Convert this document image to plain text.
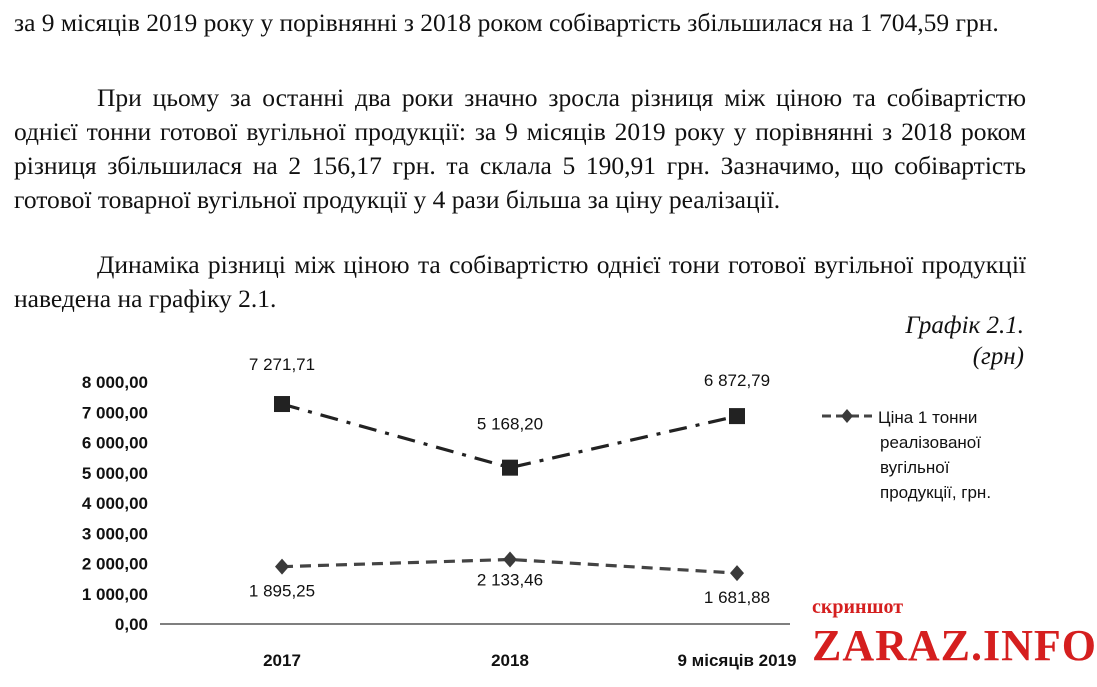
за 9 місяців 2019 року у порівнянні з 2018 роком собівартість збільшилася на 1 704,59 грн.

При цьому за останні два роки значно зросла різниця між ціною та собівартістю однієї тонни готової вугільної продукції: за 9 місяців 2019 року у порівнянні з 2018 роком різниця збільшилася на 2 156,17 грн. та склала 5 190,91 грн. Зазначимо, що собівартість готової товарної вугільної продукції у 4 рази більша за ціну реалізації.

Динаміка різниці між ціною та собівартістю однієї тони готової вугільної продукції наведена на графіку 2.1.

Графік 2.1.
(грн)
8 000,00
7 000,00
6 000,00
5 000,00
4 000,00
3 000,00
2 000,00
1 000,00
0,00
2017	2018	9 місяців 2019
7 271,71
5 168,20
6 872,79
1 895,25
2 133,46
1 681,88
Ціна 1 тонни
реалізованої
вугільної
продукції, грн.
скриншот
ZARAZ.INFO
